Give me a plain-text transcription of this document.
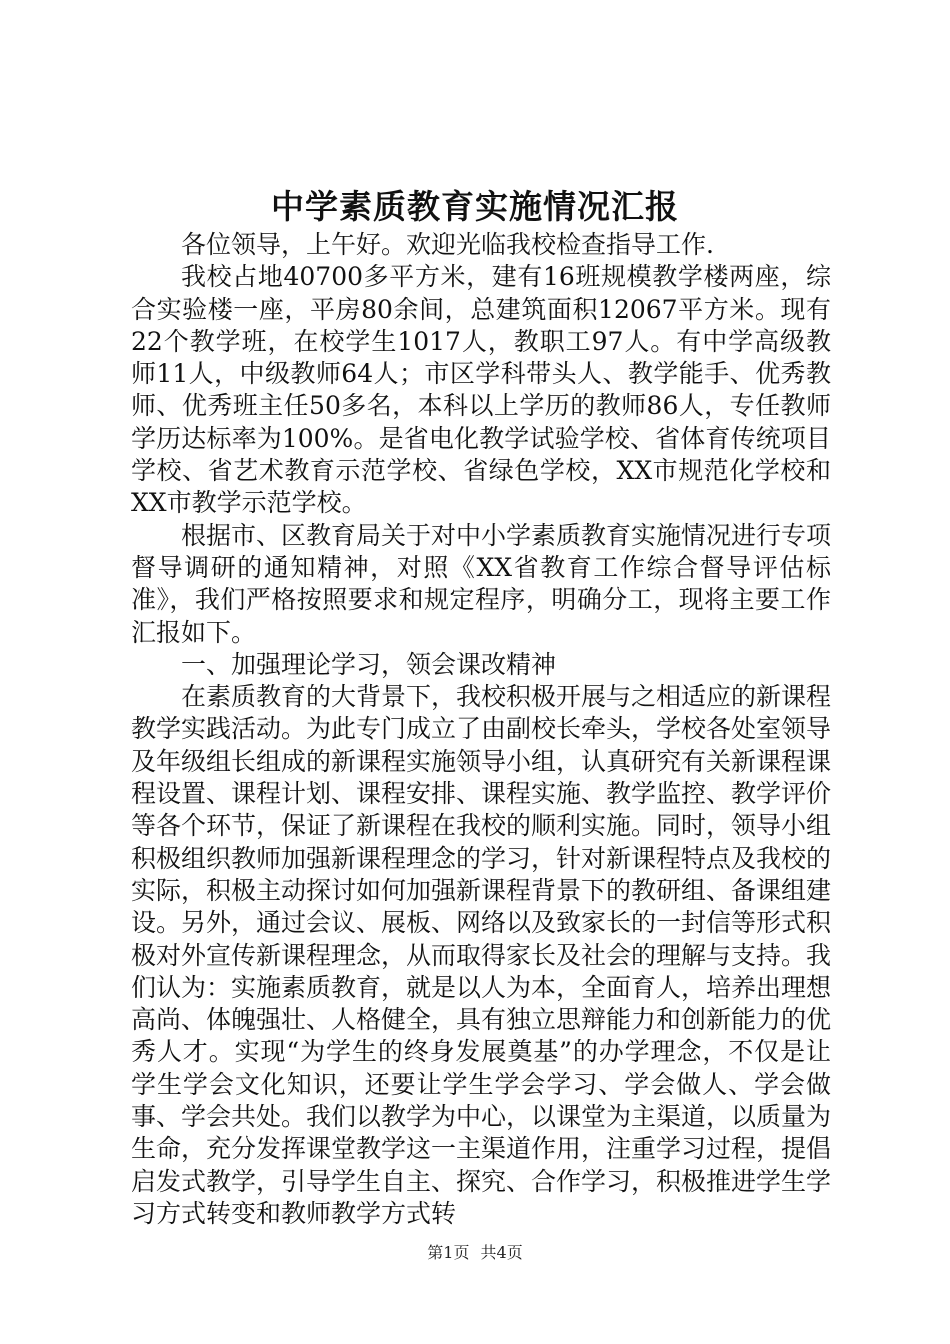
中学素质教育实施情况汇报

各位领导，上午好。欢迎光临我校检查指导工作.

我校占地40700多平方米，建有16班规模教学楼两座，综合实验楼一座，平房80余间，总建筑面积12067平方米。现有22个教学班，在校学生1017人，教职工97人。有中学高级教师11人，中级教师64人；市区学科带头人、教学能手、优秀教师、优秀班主任50多名，本科以上学历的教师86人，专任教师学历达标率为100%。是省电化教学试验学校、省体育传统项目学校、省艺术教育示范学校、省绿色学校，XX市规范化学校和XX市教学示范学校。

根据市、区教育局关于对中小学素质教育实施情况进行专项督导调研的通知精神，对照《XX省教育工作综合督导评估标准》，我们严格按照要求和规定程序，明确分工，现将主要工作汇报如下。

一、加强理论学习，领会课改精神

在素质教育的大背景下，我校积极开展与之相适应的新课程教学实践活动。为此专门成立了由副校长牵头，学校各处室领导及年级组长组成的新课程实施领导小组，认真研究有关新课程课程设置、课程计划、课程安排、课程实施、教学监控、教学评价等各个环节，保证了新课程在我校的顺利实施。同时，领导小组积极组织教师加强新课程理念的学习，针对新课程特点及我校的实际，积极主动探讨如何加强新课程背景下的教研组、备课组建设。另外，通过会议、展板、网络以及致家长的一封信等形式积极对外宣传新课程理念，从而取得家长及社会的理解与支持。我们认为：实施素质教育，就是以人为本，全面育人，培养出理想高尚、体魄强壮、人格健全，具有独立思辩能力和创新能力的优秀人才。实现“为学生的终身发展奠基”的办学理念，不仅是让学生学会文化知识，还要让学生学会学习、学会做人、学会做事、学会共处。我们以教学为中心，以课堂为主渠道，以质量为生命，充分发挥课堂教学这一主渠道作用，注重学习过程，提倡启发式教学，引导学生自主、探究、合作学习，积极推进学生学习方式转变和教师教学方式转

第1页 共4页
